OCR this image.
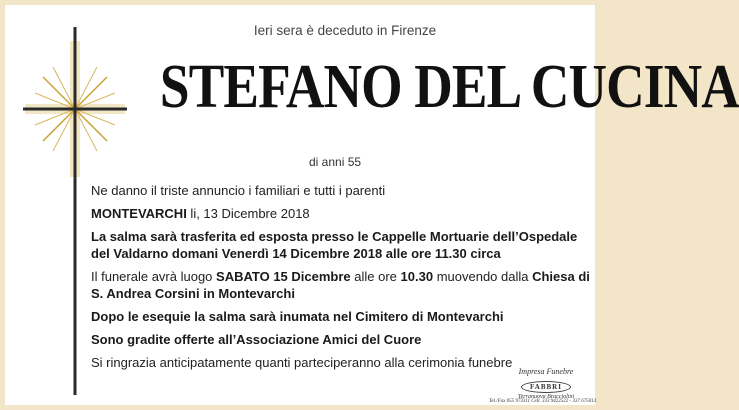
Ieri sera è deceduto in Firenze
STEFANO DEL CUCINA
di anni 55

Ne danno il triste annuncio i familiari e tutti i parenti

MONTEVARCHI li, 13 Dicembre 2018

La salma sarà trasferita ed esposta presso le Cappelle Mortuarie dell’Ospedale del Valdarno domani Venerdì 14 Dicembre 2018 alle ore 11.30 circa

Il funerale avrà luogo SABATO 15 Dicembre alle ore 10.30 muovendo dalla Chiesa di S. Andrea Corsini in Montevarchi

Dopo le esequie la salma sarà inumata nel Cimitero di Montevarchi

Sono gradite offerte all’Associazione Amici del Cuore

Si ringrazia anticipatamente quanti parteciperanno alla cerimonia funebre

Impresa Funebre
FABBRI
Terranuova Bracciolini
Tel./Fax 055 973311 Cell. 333 9422522 - 337 675013
